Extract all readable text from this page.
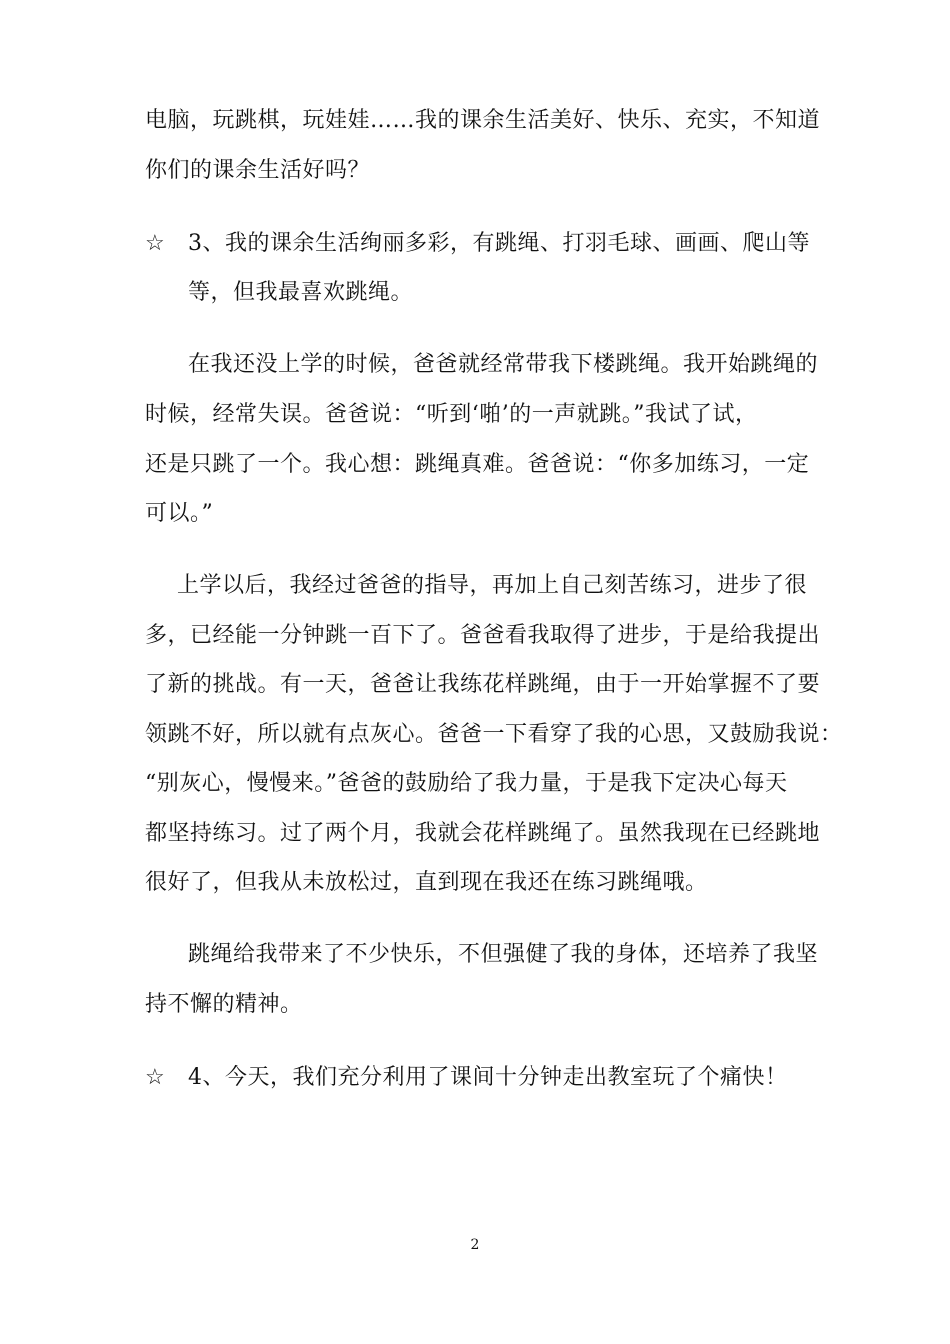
电脑，玩跳棋，玩娃娃……我的课余生活美好、快乐、充实，不知道
你们的课余生活好吗？
☆ 3、我的课余生活绚丽多彩，有跳绳、打羽毛球、画画、爬山等
等，但我最喜欢跳绳。
在我还没上学的时候，爸爸就经常带我下楼跳绳。我开始跳绳的
时候，经常失误。爸爸说：“听到‘啪’的一声就跳。”我试了试，
还是只跳了一个。我心想：跳绳真难。爸爸说：“你多加练习，一定
可以。”
上学以后，我经过爸爸的指导，再加上自己刻苦练习，进步了很
多，已经能一分钟跳一百下了。爸爸看我取得了进步，于是给我提出
了新的挑战。有一天，爸爸让我练花样跳绳，由于一开始掌握不了要
领跳不好，所以就有点灰心。爸爸一下看穿了我的心思，又鼓励我说：
“别灰心，慢慢来。”爸爸的鼓励给了我力量，于是我下定决心每天
都坚持练习。过了两个月，我就会花样跳绳了。虽然我现在已经跳地
很好了，但我从未放松过，直到现在我还在练习跳绳哦。
跳绳给我带来了不少快乐，不但强健了我的身体，还培养了我坚
持不懈的精神。
☆ 4、今天，我们充分利用了课间十分钟走出教室玩了个痛快！
2
